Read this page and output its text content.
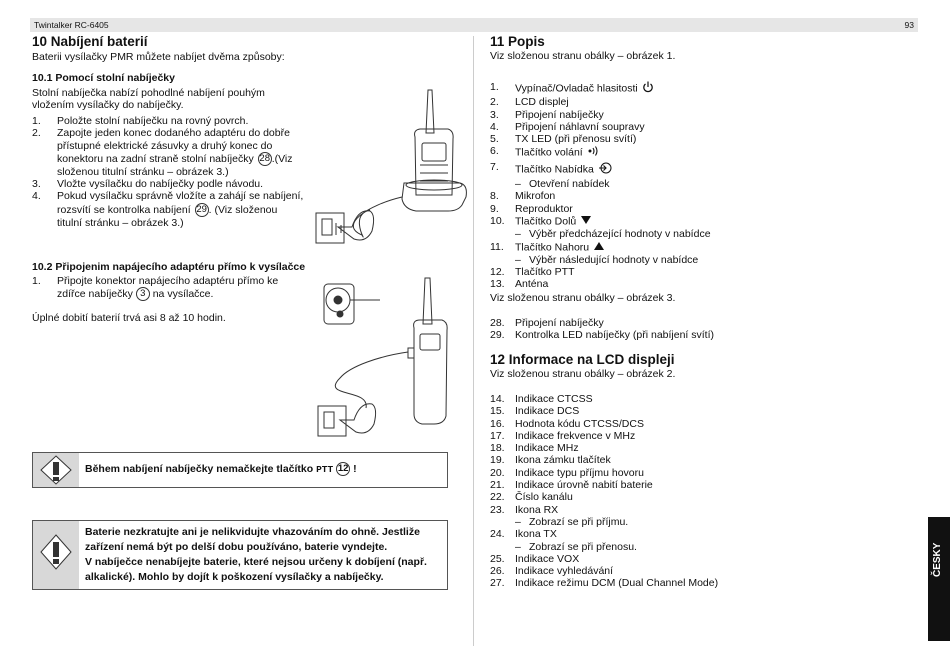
Twintalker RC-6405	93
10 Nabíjení baterií
Baterii vysílačky PMR můžete nabíjet dvěma způsoby:
10.1 Pomocí stolní nabíječky
Stolní nabíječka nabízí pohodlné nabíjení pouhým
vložením vysílačky do nabíječky.
1. Položte stolní nabíječku na rovný povrch.
2. Zapojte jeden konec dodaného adaptéru do dobře
přístupné elektrické zásuvky a druhý konec do
konektoru na zadní straně stolní nabíječky 28 .(Viz
složenou titulní stránku – obrázek 3.)
3. Vložte vysílačku do nabíječky podle návodu.
4. Pokud vysílačku správně vložíte a zahájí se nabíjení,
rozsvítí se kontrolka nabíjení 29 . (Viz složenou
titulní stránku – obrázek 3.)
10.2 Připojenim napájecího adaptéru přímo k vysílačce
1. Připojte konektor napájecího adaptéru přímo ke
zdířce nabíječky 3 na vysílačce.
Úplné dobití baterií trvá asi 8 až 10 hodin.
Během nabíjení nabíječky nemačkejte tlačítko PTT 12 !
Baterie nezkratujte ani je nelikvidujte vhazováním do ohně. Jestliže
zařízení nemá být po delší dobu používáno, baterie vyndejte.
V nabíječce nenabíjejte baterie, které nejsou určeny k dobíjení (např.
alkalické). Mohlo by dojít k poškození vysílačky a nabíječky.
11 Popis
Viz složenou stranu obálky – obrázek 1.
1. Vypínač/Ovladač hlasitosti
2. LCD displej
3. Připojení nabíječky
4. Připojení náhlavní soupravy
5. TX LED (při přenosu svítí)
6. Tlačítko volání
7. Tlačítko Nabídka
– Otevření nabídek
8. Mikrofon
9. Reproduktor
10. Tlačítko Dolů
– Výběr předcházející hodnoty v nabídce
11. Tlačítko Nahoru
– Výběr následující hodnoty v nabídce
12. Tlačítko PTT
13. Anténa
Viz složenou stranu obálky – obrázek 3.
28. Připojení nabíječky
29. Kontrolka LED nabíječky (při nabíjení svítí)
12 Informace na LCD displeji
Viz složenou stranu obálky – obrázek 2.
14. Indikace CTCSS
15. Indikace DCS
16. Hodnota kódu CTCSS/DCS
17. Indikace frekvence v MHz
18. Indikace MHz
19. Ikona zámku tlačítek
20. Indikace typu příjmu hovoru
21. Indikace úrovně nabití baterie
22. Číslo kanálu
23. Ikona RX
– Zobrazí se při příjmu.
24. Ikona TX
– Zobrazí se při přenosu.
25. Indikace VOX
26. Indikace vyhledávání
27. Indikace režimu DCM (Dual Channel Mode)
ČESKY
